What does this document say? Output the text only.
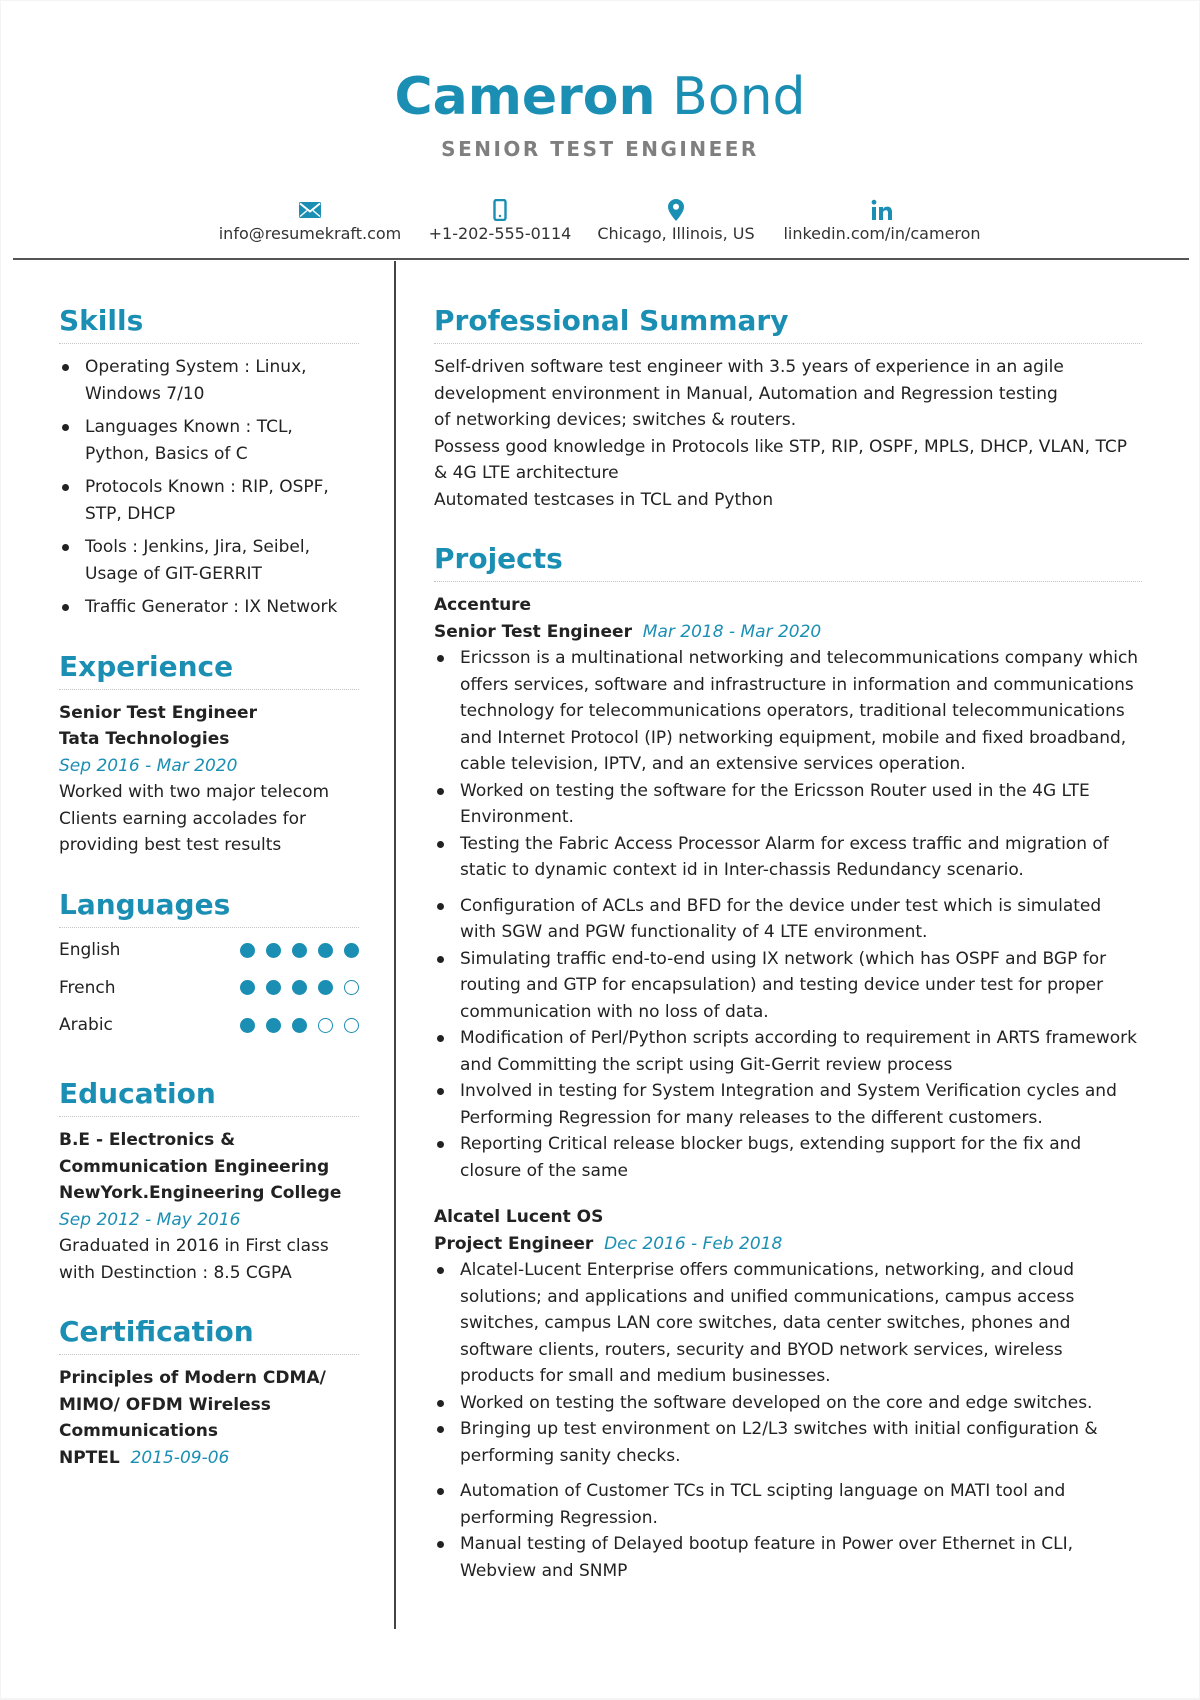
Cameron Bond
SENIOR TEST ENGINEER
info@resumekraft.com	+1-202-555-0114	Chicago, Illinois, US	linkedin.com/in/cameron
Skills
Operating System : Linux, Windows 7/10
Languages Known : TCL, Python, Basics of C
Protocols Known : RIP, OSPF, STP, DHCP
Tools : Jenkins, Jira, Seibel, Usage of GIT-GERRIT
Traffic Generator : IX Network
Experience
Senior Test Engineer
Tata Technologies
Sep 2016 - Mar 2020
Worked with two major telecom Clients earning accolades for providing best test results
Languages
English
French
Arabic
Education
B.E - Electronics & Communication Engineering
NewYork.Engineering College
Sep 2012 - May 2016
Graduated in 2016 in First class with Destinction : 8.5 CGPA
Certification
Principles of Modern CDMA/ MIMO/ OFDM Wireless Communications
NPTEL 2015-09-06
Professional Summary
Self-driven software test engineer with 3.5 years of experience in an agile development environment in Manual, Automation and Regression testing of networking devices; switches & routers.
Possess good knowledge in Protocols like STP, RIP, OSPF, MPLS, DHCP, VLAN, TCP & 4G LTE architecture
Automated testcases in TCL and Python
Projects
Accenture
Senior Test Engineer Mar 2018 - Mar 2020
Ericsson is a multinational networking and telecommunications company which offers services, software and infrastructure in information and communications technology for telecommunications operators, traditional telecommunications and Internet Protocol (IP) networking equipment, mobile and fixed broadband, cable television, IPTV, and an extensive services operation.
Worked on testing the software for the Ericsson Router used in the 4G LTE Environment.
Testing the Fabric Access Processor Alarm for excess traffic and migration of static to dynamic context id in Inter-chassis Redundancy scenario.
Configuration of ACLs and BFD for the device under test which is simulated with SGW and PGW functionality of 4 LTE environment.
Simulating traffic end-to-end using IX network (which has OSPF and BGP for routing and GTP for encapsulation) and testing device under test for proper communication with no loss of data.
Modification of Perl/Python scripts according to requirement in ARTS framework and Committing the script using Git-Gerrit review process
Involved in testing for System Integration and System Verification cycles and Performing Regression for many releases to the different customers.
Reporting Critical release blocker bugs, extending support for the fix and closure of the same
Alcatel Lucent OS
Project Engineer Dec 2016 - Feb 2018
Alcatel-Lucent Enterprise offers communications, networking, and cloud solutions; and applications and unified communications, campus access switches, campus LAN core switches, data center switches, phones and software clients, routers, security and BYOD network services, wireless products for small and medium businesses.
Worked on testing the software developed on the core and edge switches.
Bringing up test environment on L2/L3 switches with initial configuration & performing sanity checks.
Automation of Customer TCs in TCL scipting language on MATI tool and performing Regression.
Manual testing of Delayed bootup feature in Power over Ethernet in CLI, Webview and SNMP
